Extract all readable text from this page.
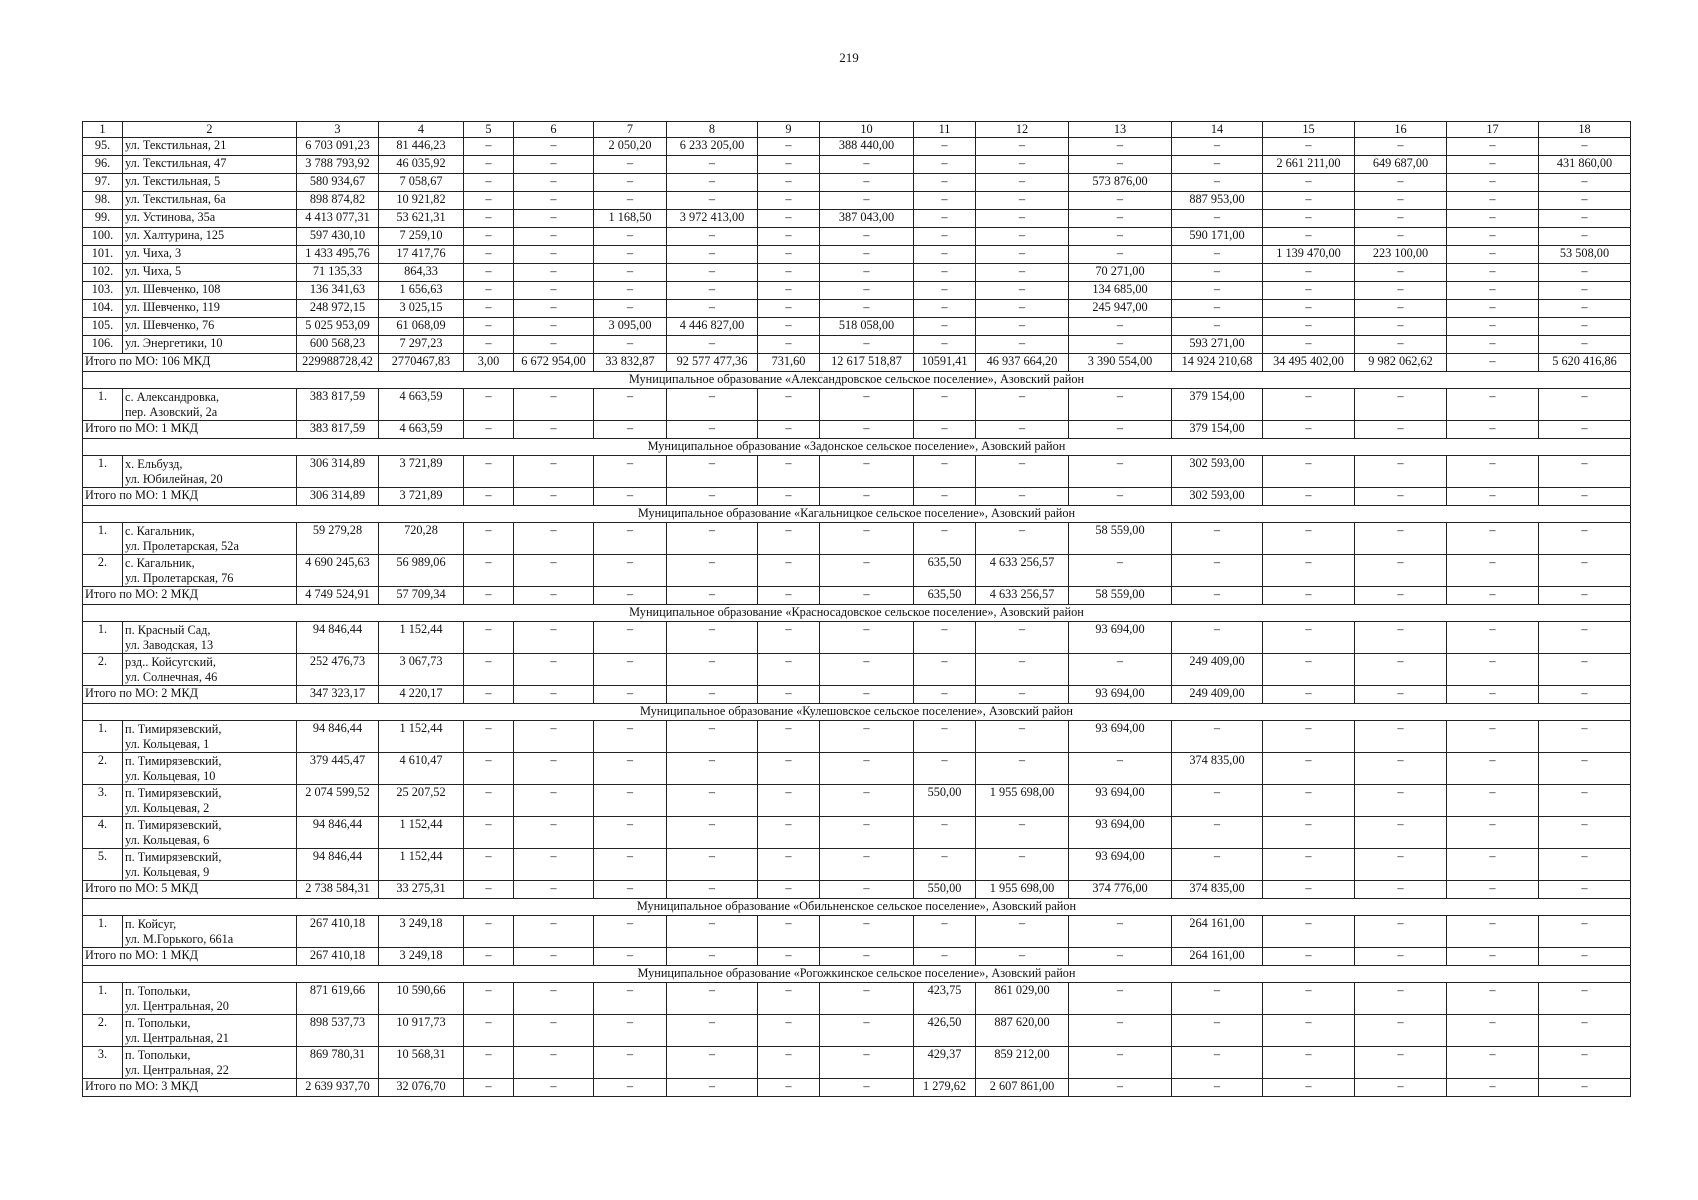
219
1	2	3	4	5	6	7	8	9	10	11	12	13	14	15	16	17	18
95.	ул. Текстильная, 21	6 703 091,23	81 446,23	–	–	2 050,20	6 233 205,00	–	388 440,00	–	–	–	–	–	–	–	–
96.	ул. Текстильная, 47	3 788 793,92	46 035,92	–	–	–	–	–	–	–	–	–	–	2 661 211,00	649 687,00	–	431 860,00
97.	ул. Текстильная, 5	580 934,67	7 058,67	–	–	–	–	–	–	–	–	573 876,00	–	–	–	–	–
98.	ул. Текстильная, 6а	898 874,82	10 921,82	–	–	–	–	–	–	–	–	–	887 953,00	–	–	–	–
99.	ул. Устинова, 35а	4 413 077,31	53 621,31	–	–	1 168,50	3 972 413,00	–	387 043,00	–	–	–	–	–	–	–	–
100.	ул. Халтурина, 125	597 430,10	7 259,10	–	–	–	–	–	–	–	–	–	590 171,00	–	–	–	–
101.	ул. Чиха, 3	1 433 495,76	17 417,76	–	–	–	–	–	–	–	–	–	–	1 139 470,00	223 100,00	–	53 508,00
102.	ул. Чиха, 5	71 135,33	864,33	–	–	–	–	–	–	–	–	70 271,00	–	–	–	–	–
103.	ул. Шевченко, 108	136 341,63	1 656,63	–	–	–	–	–	–	–	–	134 685,00	–	–	–	–	–
104.	ул. Шевченко, 119	248 972,15	3 025,15	–	–	–	–	–	–	–	–	245 947,00	–	–	–	–	–
105.	ул. Шевченко, 76	5 025 953,09	61 068,09	–	–	3 095,00	4 446 827,00	–	518 058,00	–	–	–	–	–	–	–	–
106.	ул. Энергетики, 10	600 568,23	7 297,23	–	–	–	–	–	–	–	–	–	593 271,00	–	–	–	–
Итого по МО: 106 МКД		229988728,42	2770467,83	3,00	6 672 954,00	33 832,87	92 577 477,36	731,60	12 617 518,87	10591,41	46 937 664,20	3 390 554,00	14 924 210,68	34 495 402,00	9 982 062,62	–	5 620 416,86
Муниципальное образование «Александровское сельское поселение», Азовский район																	
1.	с. Александровка,
пер. Азовский, 2а	383 817,59	4 663,59	–	–	–	–	–	–	–	–	–	379 154,00	–	–	–	–
Итого по МО: 1 МКД		383 817,59	4 663,59	–	–	–	–	–	–	–	–	–	379 154,00	–	–	–	–
Муниципальное образование «Задонское сельское поселение», Азовский район																	
1.	х. Ельбузд,
ул. Юбилейная, 20	306 314,89	3 721,89	–	–	–	–	–	–	–	–	–	302 593,00	–	–	–	–
Итого по МО: 1 МКД		306 314,89	3 721,89	–	–	–	–	–	–	–	–	–	302 593,00	–	–	–	–
Муниципальное образование «Кагальницкое сельское поселение», Азовский район																	
1.	с. Кагальник,
ул. Пролетарская, 52а	59 279,28	720,28	–	–	–	–	–	–	–	–	58 559,00	–	–	–	–	–
2.	с. Кагальник,
ул. Пролетарская, 76	4 690 245,63	56 989,06	–	–	–	–	–	–	635,50	4 633 256,57	–	–	–	–	–	–
Итого по МО: 2 МКД		4 749 524,91	57 709,34	–	–	–	–	–	–	635,50	4 633 256,57	58 559,00	–	–	–	–	–
Муниципальное образование «Красносадовское сельское поселение», Азовский район																	
1.	п. Красный Сад,
ул. Заводская, 13	94 846,44	1 152,44	–	–	–	–	–	–	–	–	93 694,00	–	–	–	–	–
2.	рзд.. Койсугский,
ул. Солнечная, 46	252 476,73	3 067,73	–	–	–	–	–	–	–	–	–	249 409,00	–	–	–	–
Итого по МО: 2 МКД		347 323,17	4 220,17	–	–	–	–	–	–	–	–	93 694,00	249 409,00	–	–	–	–
Муниципальное образование «Кулешовское сельское поселение», Азовский район																	
1.	п. Тимирязевский,
ул. Кольцевая, 1	94 846,44	1 152,44	–	–	–	–	–	–	–	–	93 694,00	–	–	–	–	–
2.	п. Тимирязевский,
ул. Кольцевая, 10	379 445,47	4 610,47	–	–	–	–	–	–	–	–	–	374 835,00	–	–	–	–
3.	п. Тимирязевский,
ул. Кольцевая, 2	2 074 599,52	25 207,52	–	–	–	–	–	–	550,00	1 955 698,00	93 694,00	–	–	–	–	–
4.	п. Тимирязевский,
ул. Кольцевая, 6	94 846,44	1 152,44	–	–	–	–	–	–	–	–	93 694,00	–	–	–	–	–
5.	п. Тимирязевский,
ул. Кольцевая, 9	94 846,44	1 152,44	–	–	–	–	–	–	–	–	93 694,00	–	–	–	–	–
Итого по МО: 5 МКД		2 738 584,31	33 275,31	–	–	–	–	–	–	550,00	1 955 698,00	374 776,00	374 835,00	–	–	–	–
Муниципальное образование «Обильненское сельское поселение», Азовский район																	
1.	п. Койсуг,
ул. М.Горького, 661а	267 410,18	3 249,18	–	–	–	–	–	–	–	–	–	264 161,00	–	–	–	–
Итого по МО: 1 МКД		267 410,18	3 249,18	–	–	–	–	–	–	–	–	–	264 161,00	–	–	–	–
Муниципальное образование «Рогожкинское сельское поселение», Азовский район																	
1.	п. Топольки,
ул. Центральная, 20	871 619,66	10 590,66	–	–	–	–	–	–	423,75	861 029,00	–	–	–	–	–	–
2.	п. Топольки,
ул. Центральная, 21	898 537,73	10 917,73	–	–	–	–	–	–	426,50	887 620,00	–	–	–	–	–	–
3.	п. Топольки,
ул. Центральная, 22	869 780,31	10 568,31	–	–	–	–	–	–	429,37	859 212,00	–	–	–	–	–	–
Итого по МО: 3 МКД		2 639 937,70	32 076,70	–	–	–	–	–	–	1 279,62	2 607 861,00	–	–	–	–	–	–
